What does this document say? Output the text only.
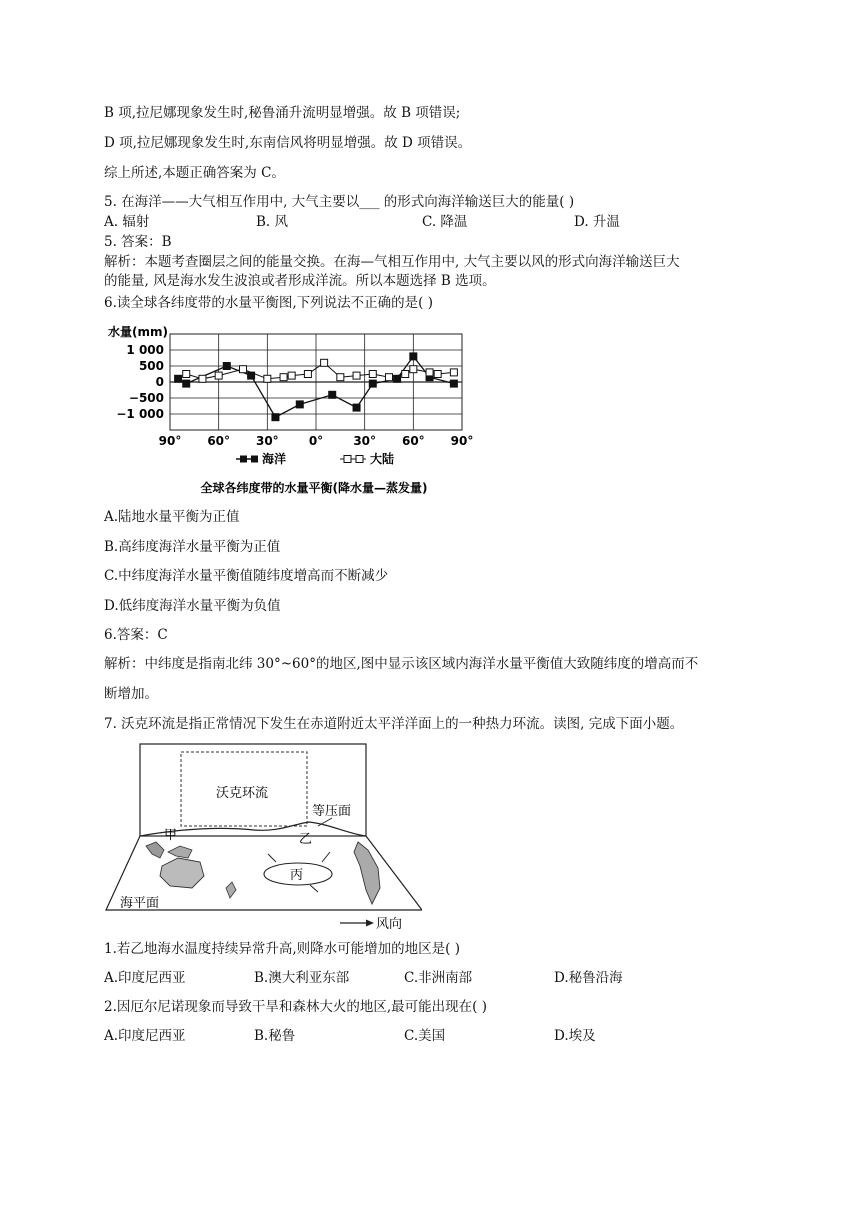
B 项,拉尼娜现象发生时,秘鲁涌升流明显增强。故 B 项错误;
D 项,拉尼娜现象发生时,东南信风将明显增强。故 D 项错误。
综上所述,本题正确答案为 C。
5. 在海洋——大气相互作用中, 大气主要以___ 的形式向海洋输送巨大的能量( )
A. 辐射	B. 风	C. 降温	D. 升温
5. 答案：B
解析：本题考查圈层之间的能量交换。在海—气相互作用中, 大气主要以风的形式向海洋输送巨大
的能量, 风是海水发生波浪或者形成洋流。所以本题选择 B 选项。
6.读全球各纬度带的水量平衡图,下列说法不正确的是( )
水量(mm)
1 000
500
0
−500
−1 000
90° 60° 30°	0°	30° 60° 90°
海洋	大陆
全球各纬度带的水量平衡(降水量—蒸发量)
A.陆地水量平衡为正值
B.高纬度海洋水量平衡为正值
C.中纬度海洋水量平衡值随纬度增高而不断减少
D.低纬度海洋水量平衡为负值
6.答案：C
解析：中纬度是指南北纬 30°~60°的地区,图中显示该区域内海洋水量平衡值大致随纬度的增高而不
断增加。
7. 沃克环流是指正常情况下发生在赤道附近太平洋洋面上的一种热力环流。读图, 完成下面小题。
沃克环流
等压面
甲	乙
丙
海平面
风向
1.若乙地海水温度持续异常升高,则降水可能增加的地区是( )
A.印度尼西亚	B.澳大利亚东部	C.非洲南部	D.秘鲁沿海
2.因厄尔尼诺现象而导致干旱和森林大火的地区,最可能出现在( )
A.印度尼西亚	B.秘鲁	C.美国	D.埃及
